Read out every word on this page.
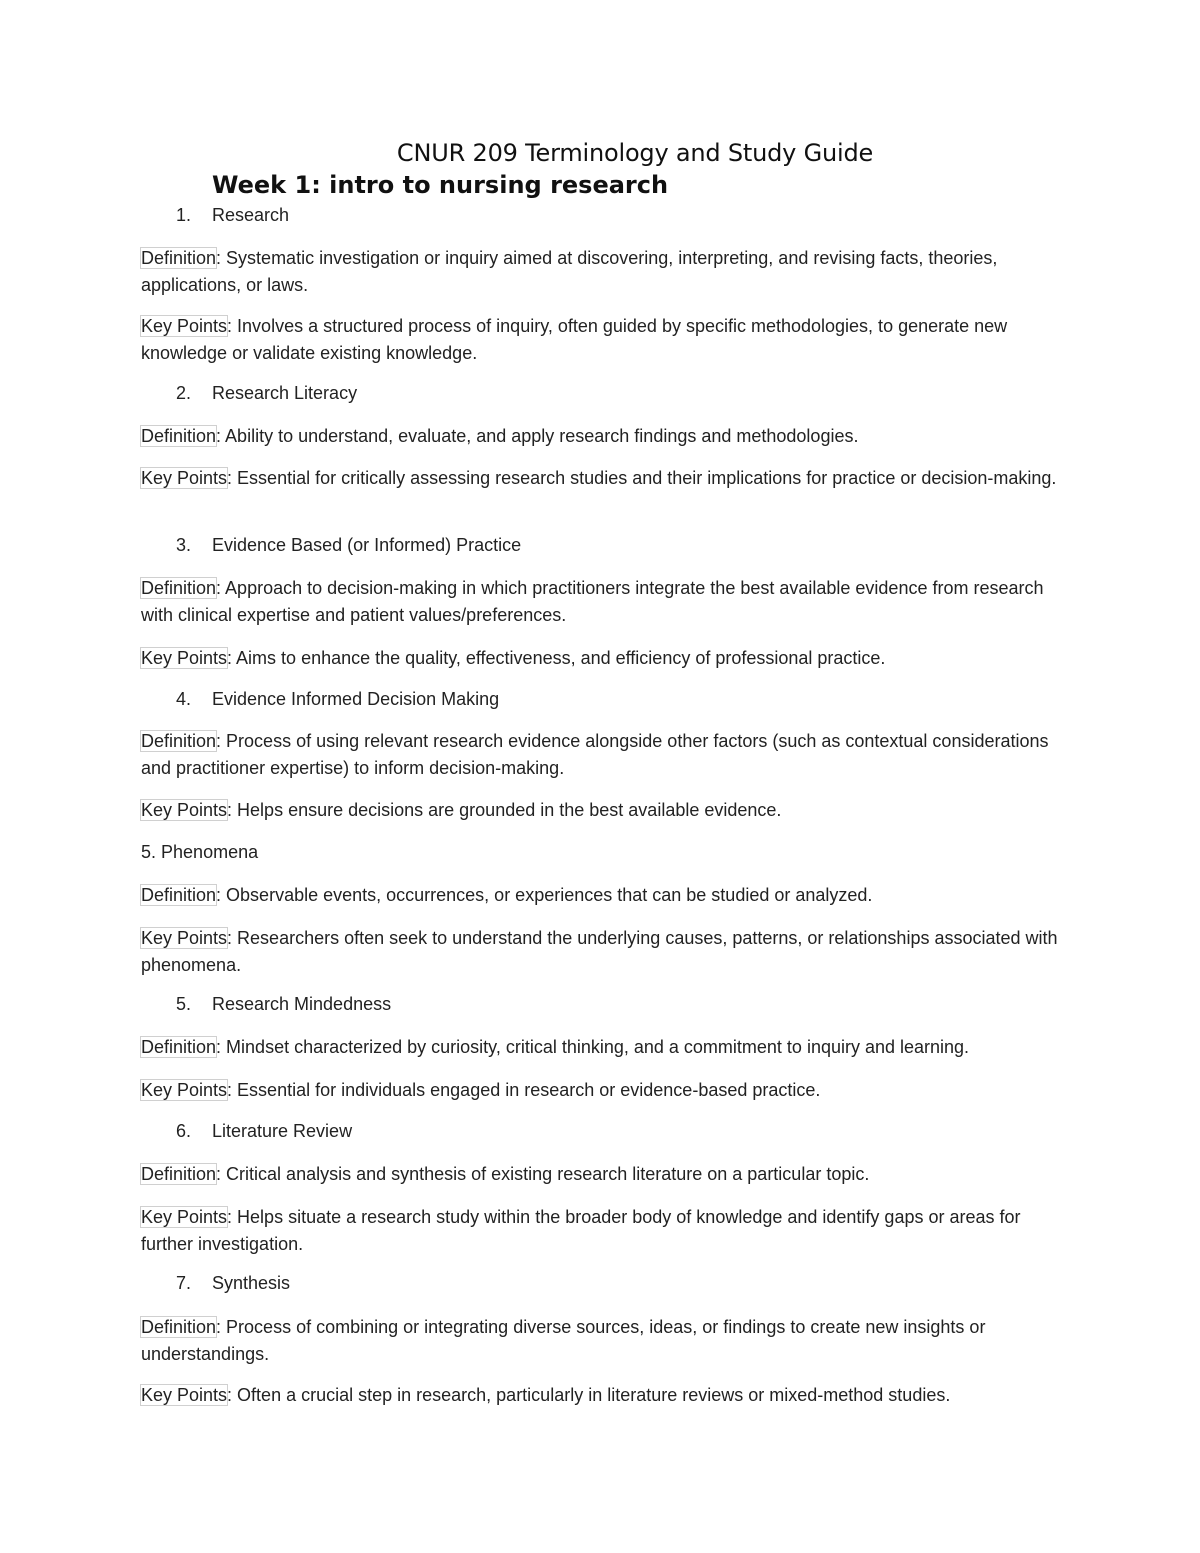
CNUR 209 Terminology and Study Guide
Week 1: intro to nursing research
1. Research
Definition: Systematic investigation or inquiry aimed at discovering, interpreting, and revising facts, theories, applications, or laws.
Key Points: Involves a structured process of inquiry, often guided by specific methodologies, to generate new knowledge or validate existing knowledge.
2. Research Literacy
Definition: Ability to understand, evaluate, and apply research findings and methodologies.
Key Points: Essential for critically assessing research studies and their implications for practice or decision-making.
3. Evidence Based (or Informed) Practice
Definition: Approach to decision-making in which practitioners integrate the best available evidence from research with clinical expertise and patient values/preferences.
Key Points: Aims to enhance the quality, effectiveness, and efficiency of professional practice.
4. Evidence Informed Decision Making
Definition: Process of using relevant research evidence alongside other factors (such as contextual considerations and practitioner expertise) to inform decision-making.
Key Points: Helps ensure decisions are grounded in the best available evidence.
5. Phenomena
Definition: Observable events, occurrences, or experiences that can be studied or analyzed.
Key Points: Researchers often seek to understand the underlying causes, patterns, or relationships associated with phenomena.
5. Research Mindedness
Definition: Mindset characterized by curiosity, critical thinking, and a commitment to inquiry and learning.
Key Points: Essential for individuals engaged in research or evidence-based practice.
6. Literature Review
Definition: Critical analysis and synthesis of existing research literature on a particular topic.
Key Points: Helps situate a research study within the broader body of knowledge and identify gaps or areas for further investigation.
7. Synthesis
Definition: Process of combining or integrating diverse sources, ideas, or findings to create new insights or understandings.
Key Points: Often a crucial step in research, particularly in literature reviews or mixed-method studies.
